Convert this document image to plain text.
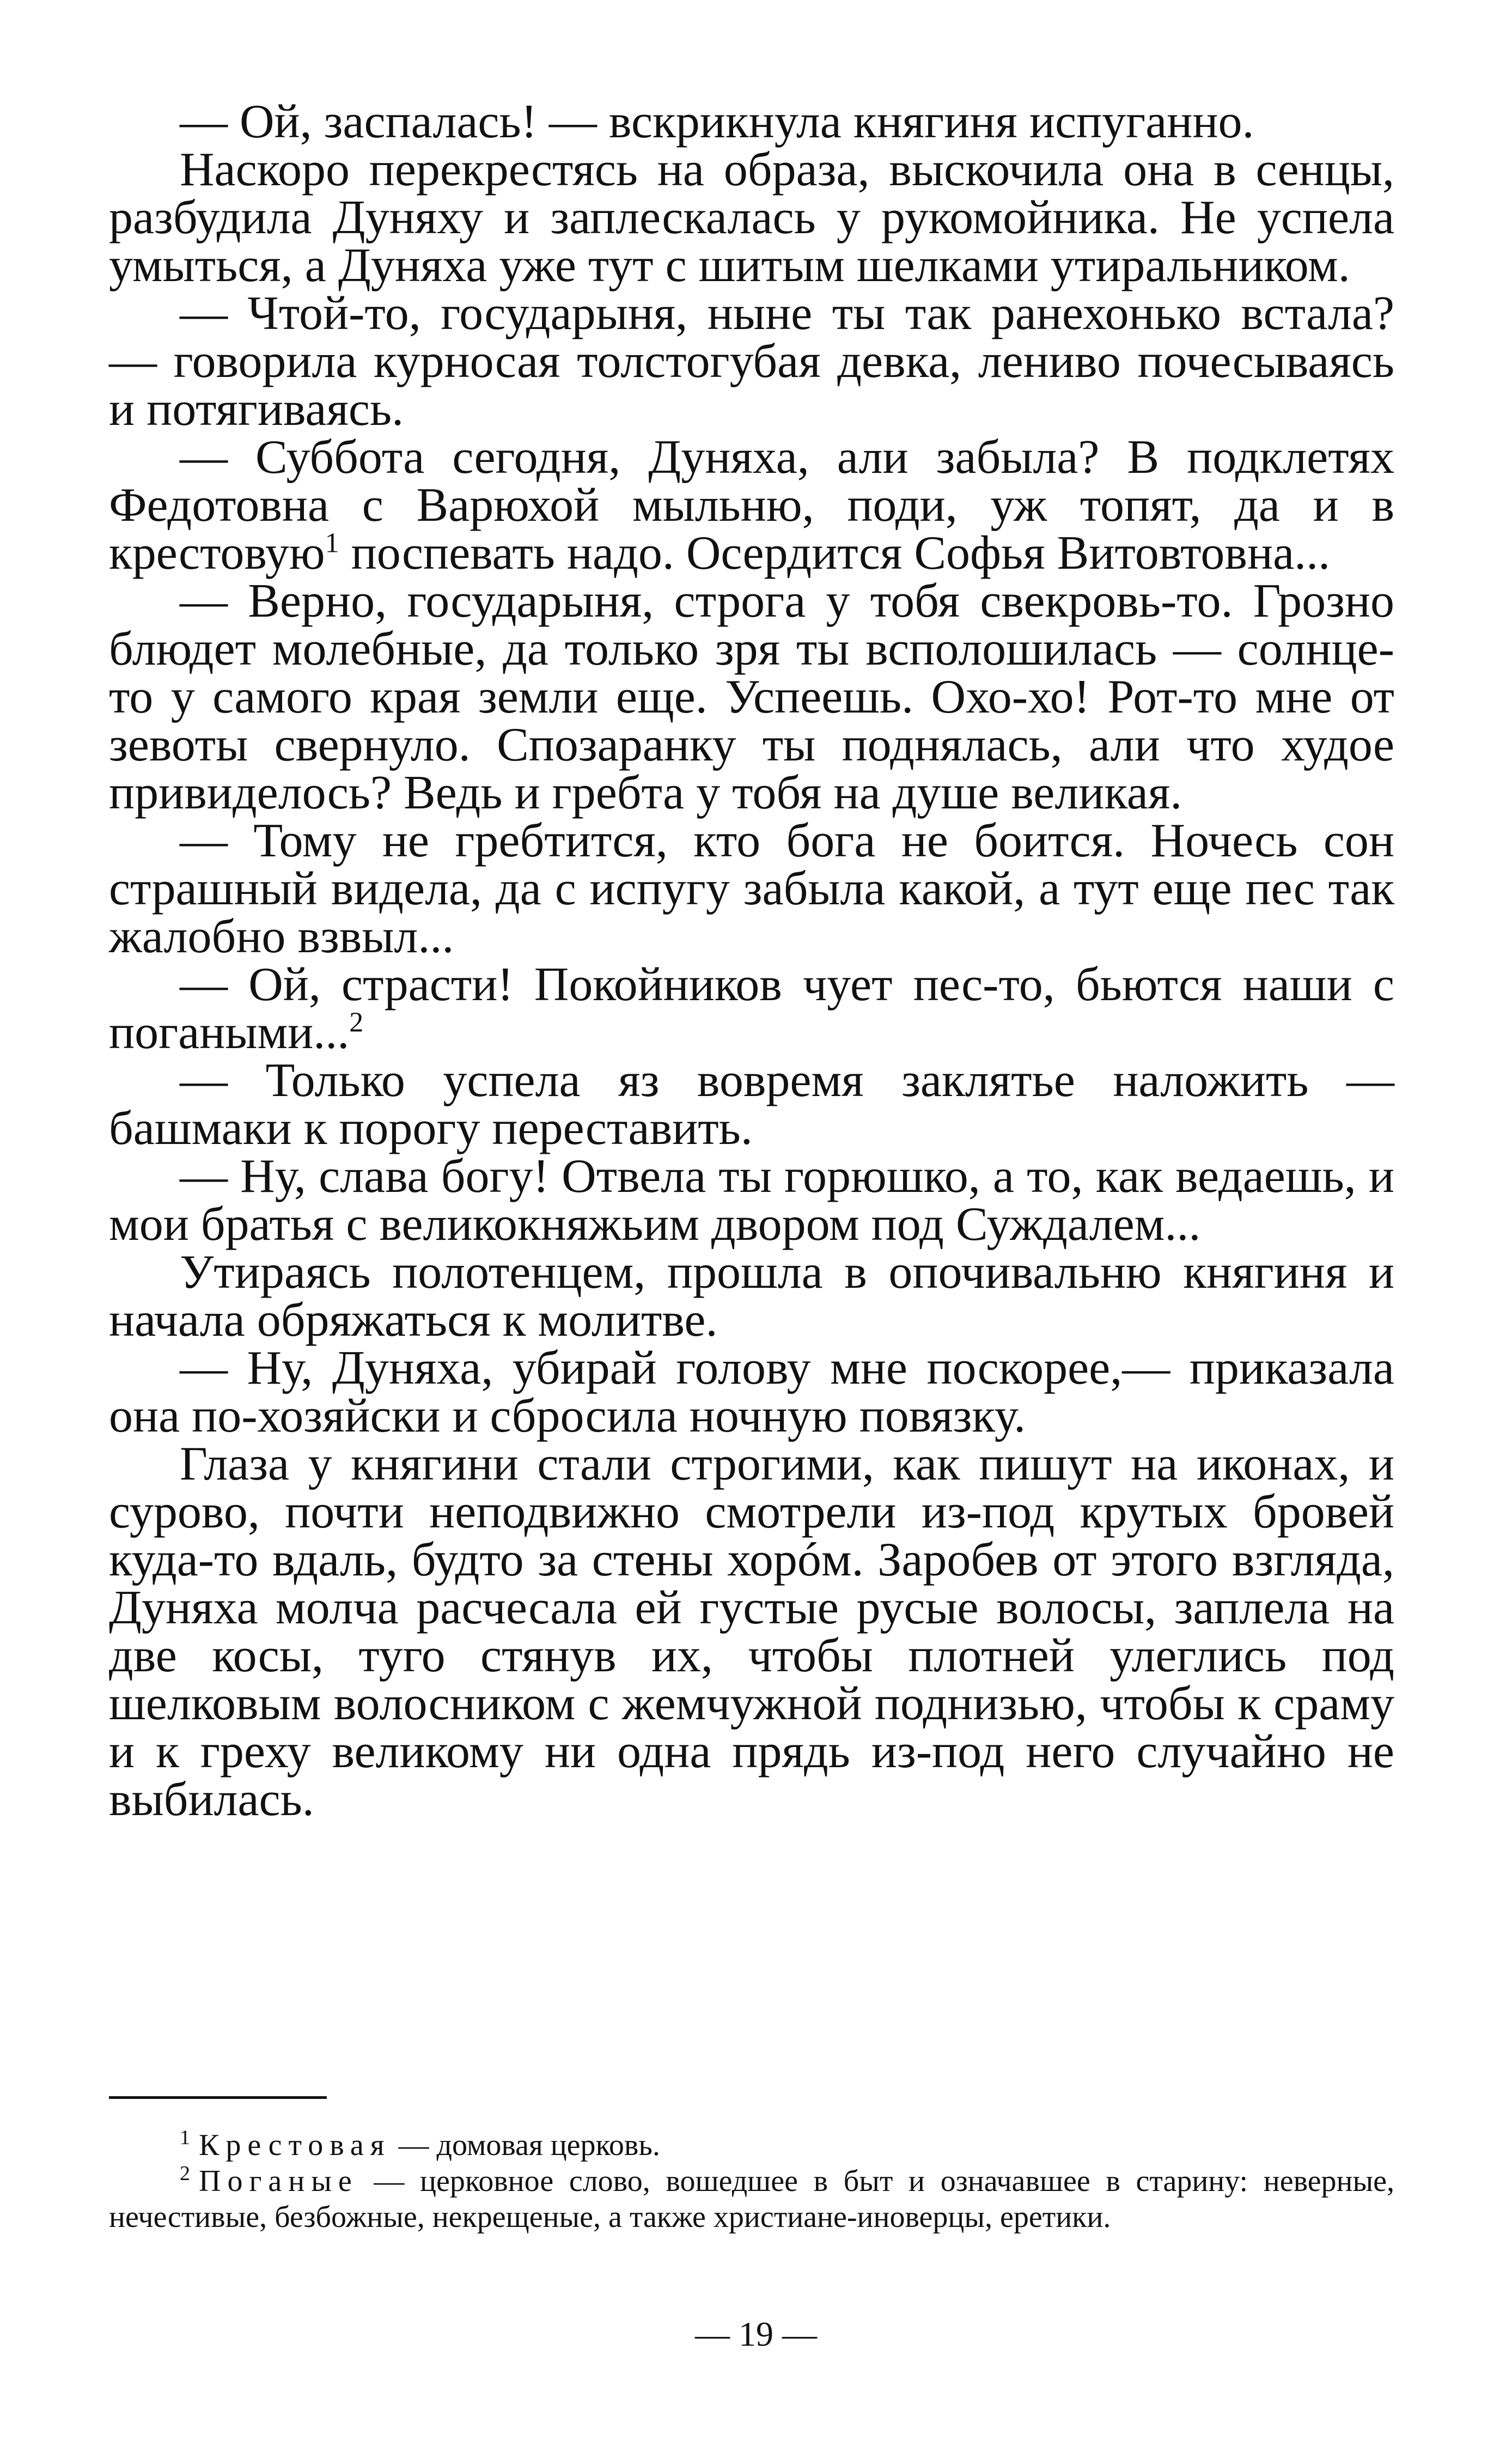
— Ой, заспалась! — вскрикнула княгиня испуганно.

Наскоро перекрестясь на образа, выскочила она в сенцы, разбудила Дуняху и заплескалась у рукомойника. Не успела умыться, а Дуняха уже тут с шитым шелками утиральником.

— Чтой-то, государыня, ныне ты так ранехонько встала? — говорила курносая толстогубая девка, лениво почесываясь и потягиваясь.

— Суббота сегодня, Дуняха, али забыла? В подклетях Федотовна с Варюхой мыльню, поди, уж топят, да и в крестовую$^1$ поспевать надо. Осердится Софья Витовтовна...

— Верно, государыня, строга у тобя свекровь-то. Грозно блюдет молебные, да только зря ты всполошилась — солнце-то у самого края земли еще. Успеешь. Охо-хо! Рот-то мне от зевоты свернуло. Спозаранку ты поднялась, али что худое привиделось? Ведь и гребта у тобя на душе великая.

— Тому не гребтится, кто бога не боится. Ночесь сон страшный видела, да с испугу забыла какой, а тут еще пес так жалобно взвыл...

— Ой, страсти! Покойников чует пес-то, бьются наши с погаными...$^2$

— Только успела яз вовремя заклятье наложить — башмаки к порогу переставить.

— Ну, слава богу! Отвела ты горюшко, а то, как ведаешь, и мои братья с великокняжьим двором под Суждалем...

Утираясь полотенцем, прошла в опочивальню княгиня и начала обряжаться к молитве.

— Ну, Дуняха, убирай голову мне поскорее,— приказала она по-хозяйски и сбросила ночную повязку.

Глаза у княгини стали строгими, как пишут на иконах, и сурово, почти неподвижно смотрели из-под крутых бровей куда-то вдаль, будто за стены хорóм. Заробев от этого взгляда, Дуняха молча расчесала ей густые русые волосы, заплела на две косы, туго стянув их, чтобы плотней улеглись под шелковым волосником с жемчужной поднизью, чтобы к сраму и к греху великому ни одна прядь из-под него случайно не выбилась.

$^1$ Крестовая — домовая церковь.

$^2$ Поганые — церковное слово, вошедшее в быт и означавшее в старину: неверные, нечестивые, безбожные, некрещеные, а также христиане-иноверцы, еретики.

— 19 —
